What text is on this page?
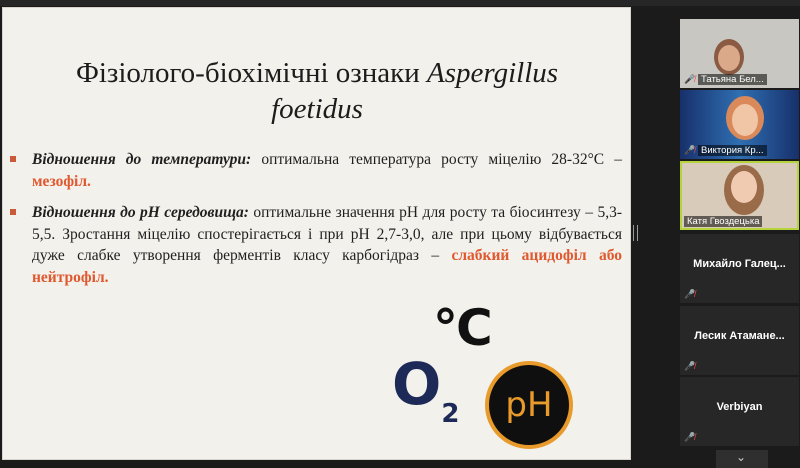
Фізіолого-біохімічні ознаки Aspergillus
foetidus
Відношення до температури: оптимальна температура росту міцелію 28-32°C – мезофіл.
Відношення до рН середовища: оптимальне значення рН для росту та біосинтезу – 5,3-5,5. Зростання міцелію спостерігається і при рН 2,7-3,0, але при цьому відбувається дуже слабке утворення ферментів класу карбогідраз – слабкий ацидофіл або нейтрофіл.
°C
$O_2$	pH
🎤̸ Татьяна Бел...
🎤̸ Виктория Кр...
Катя Гвоздецька
Михайло Галец...
🎤̸
Лесик Атамане...
🎤̸
Verbiyan
🎤̸
⌄
